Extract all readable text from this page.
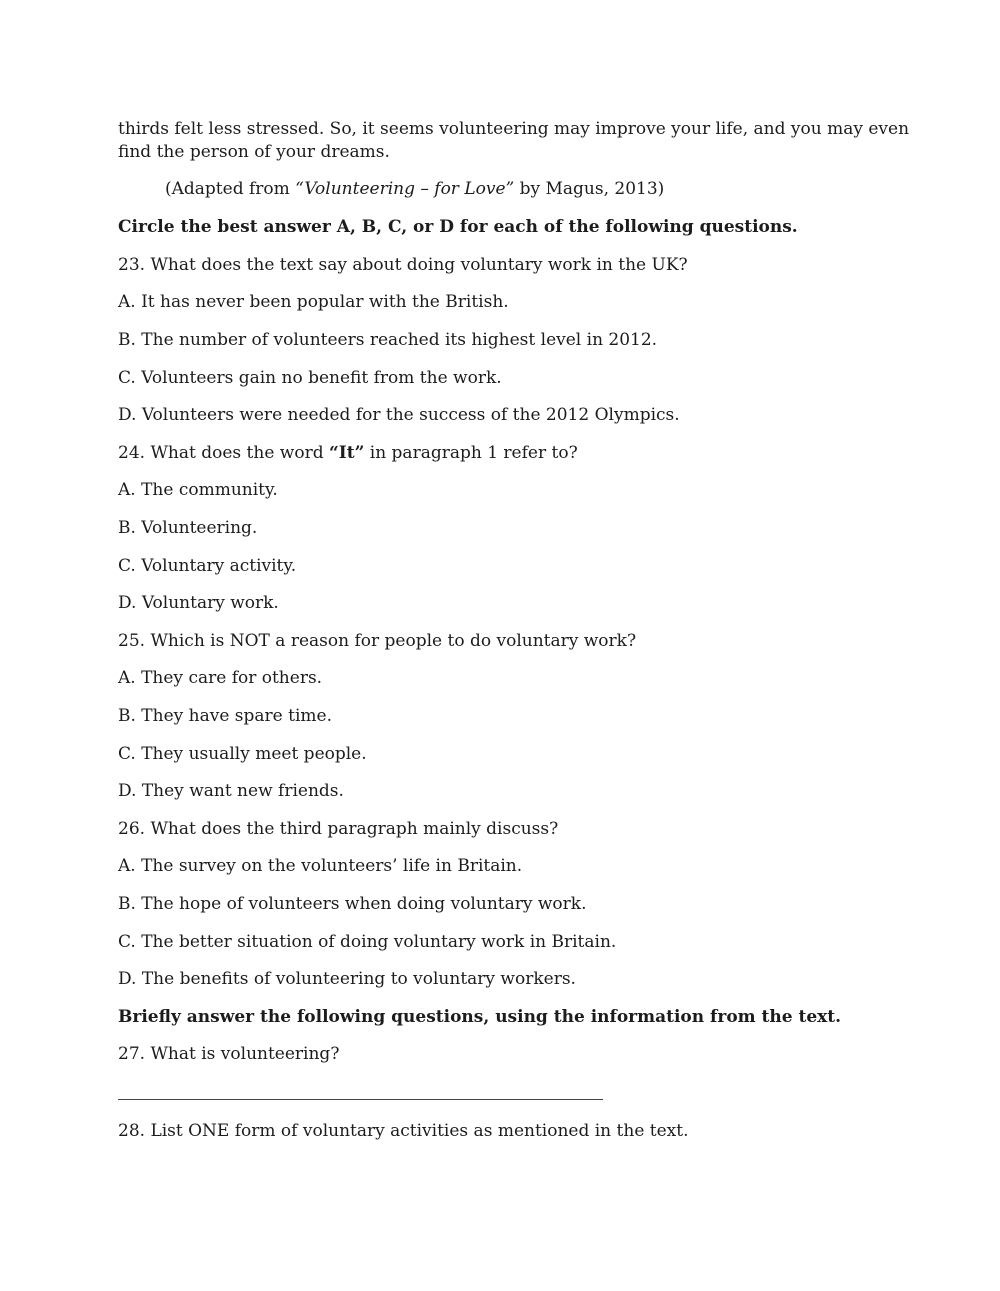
thirds felt less stressed. So, it seems volunteering may improve your life, and you may even

find the person of your dreams.

(Adapted from “Volunteering – for Love” by Magus, 2013)

Circle the best answer A, B, C, or D for each of the following questions.

23. What does the text say about doing voluntary work in the UK?

A. It has never been popular with the British.

B. The number of volunteers reached its highest level in 2012.

C. Volunteers gain no benefit from the work.

D. Volunteers were needed for the success of the 2012 Olympics.

24. What does the word “It” in paragraph 1 refer to?

A. The community.

B. Volunteering.

C. Voluntary activity.

D. Voluntary work.

25. Which is NOT a reason for people to do voluntary work?

A. They care for others.

B. They have spare time.

C. They usually meet people.

D. They want new friends.

26. What does the third paragraph mainly discuss?

A. The survey on the volunteers’ life in Britain.

B. The hope of volunteers when doing voluntary work.

C. The better situation of doing voluntary work in Britain.

D. The benefits of volunteering to voluntary workers.

Briefly answer the following questions, using the information from the text.

27. What is volunteering?

28. List ONE form of voluntary activities as mentioned in the text.
